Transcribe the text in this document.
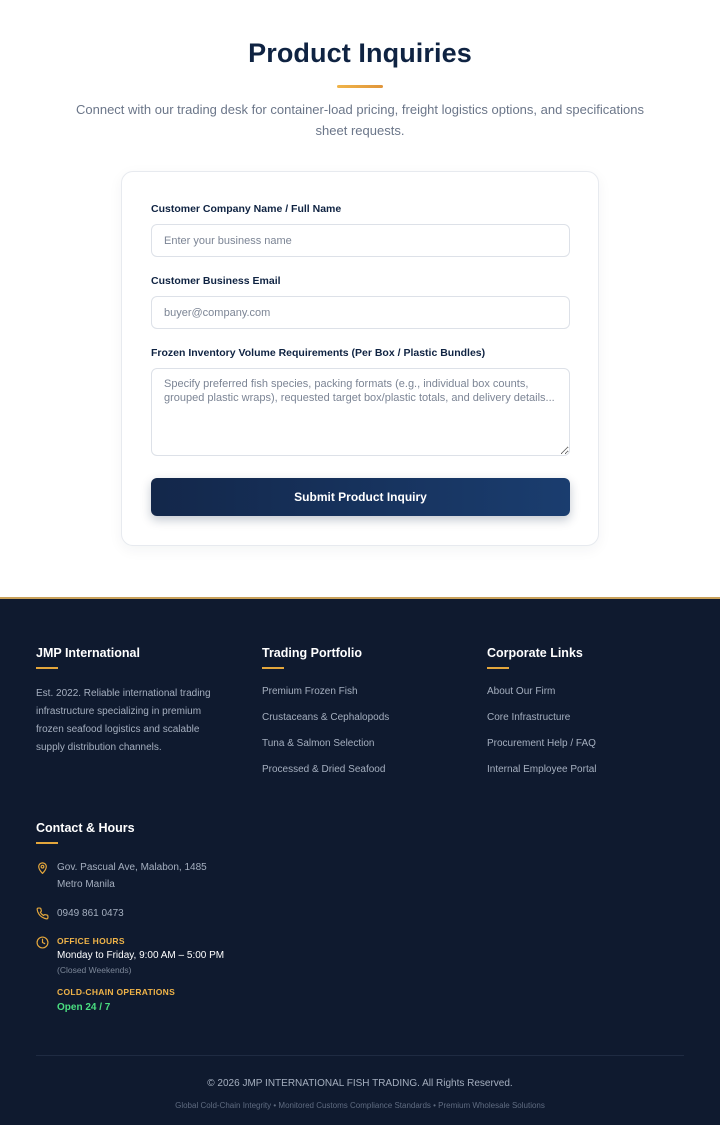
Product Inquiries

Connect with our trading desk for container-load pricing, freight logistics options, and specifications sheet requests.

Customer Company Name / Full Name
Enter your business name
Customer Business Email
buyer@company.com
Frozen Inventory Volume Requirements (Per Box / Plastic Bundles)
Specify preferred fish species, packing formats (e.g., individual box counts, grouped plastic wraps), requested target box/plastic totals, and delivery details...
Submit Product Inquiry
JMP International

Est. 2022. Reliable international trading infrastructure specializing in premium frozen seafood logistics and scalable supply distribution channels.

Trading Portfolio
Premium Frozen Fish
Crustaceans & Cephalopods
Tuna & Salmon Selection
Processed & Dried Seafood
Corporate Links
About Our Firm
Core Infrastructure
Procurement Help / FAQ
Internal Employee Portal
Contact & Hours
Gov. Pascual Ave, Malabon, 1485 Metro Manila
0949 861 0473
OFFICE HOURS
Monday to Friday, 9:00 AM – 5:00 PM
(Closed Weekends)
COLD-CHAIN OPERATIONS
Open 24 / 7
© 2026 JMP INTERNATIONAL FISH TRADING. All Rights Reserved.
Global Cold-Chain Integrity • Monitored Customs Compliance Standards • Premium Wholesale Solutions
